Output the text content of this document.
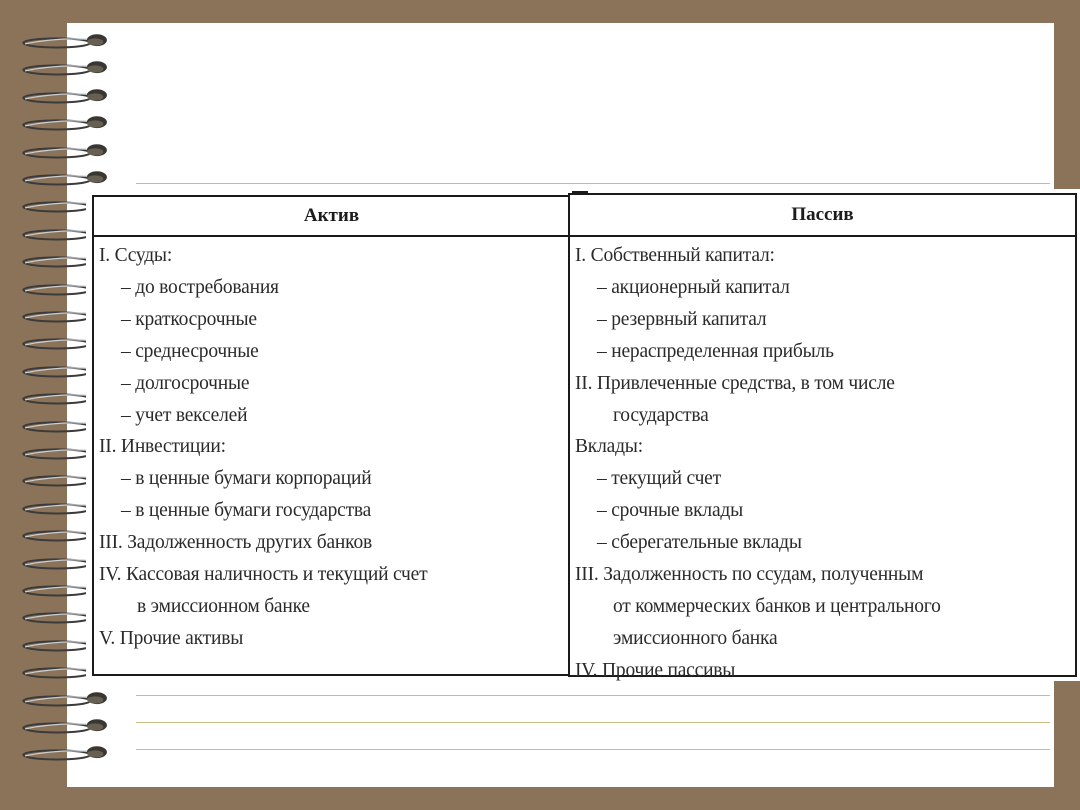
Актив
I. Ссуды:
– до востребования
– краткосрочные
– среднесрочные
– долгосрочные
– учет векселей
II. Инвестиции:
– в ценные бумаги корпораций
– в ценные бумаги государства
III. Задолженность других банков
IV. Кассовая наличность и текущий счет
в эмиссионном банке
V. Прочие активы
Пассив
I. Собственный капитал:
– акционерный капитал
– резервный капитал
– нераспределенная прибыль
II. Привлеченные средства, в том числе
государства
Вклады:
– текущий счет
– срочные вклады
– сберегательные вклады
III. Задолженность по ссудам, полученным
от коммерческих банков и центрального
эмиссионного банка
IV. Прочие пассивы
